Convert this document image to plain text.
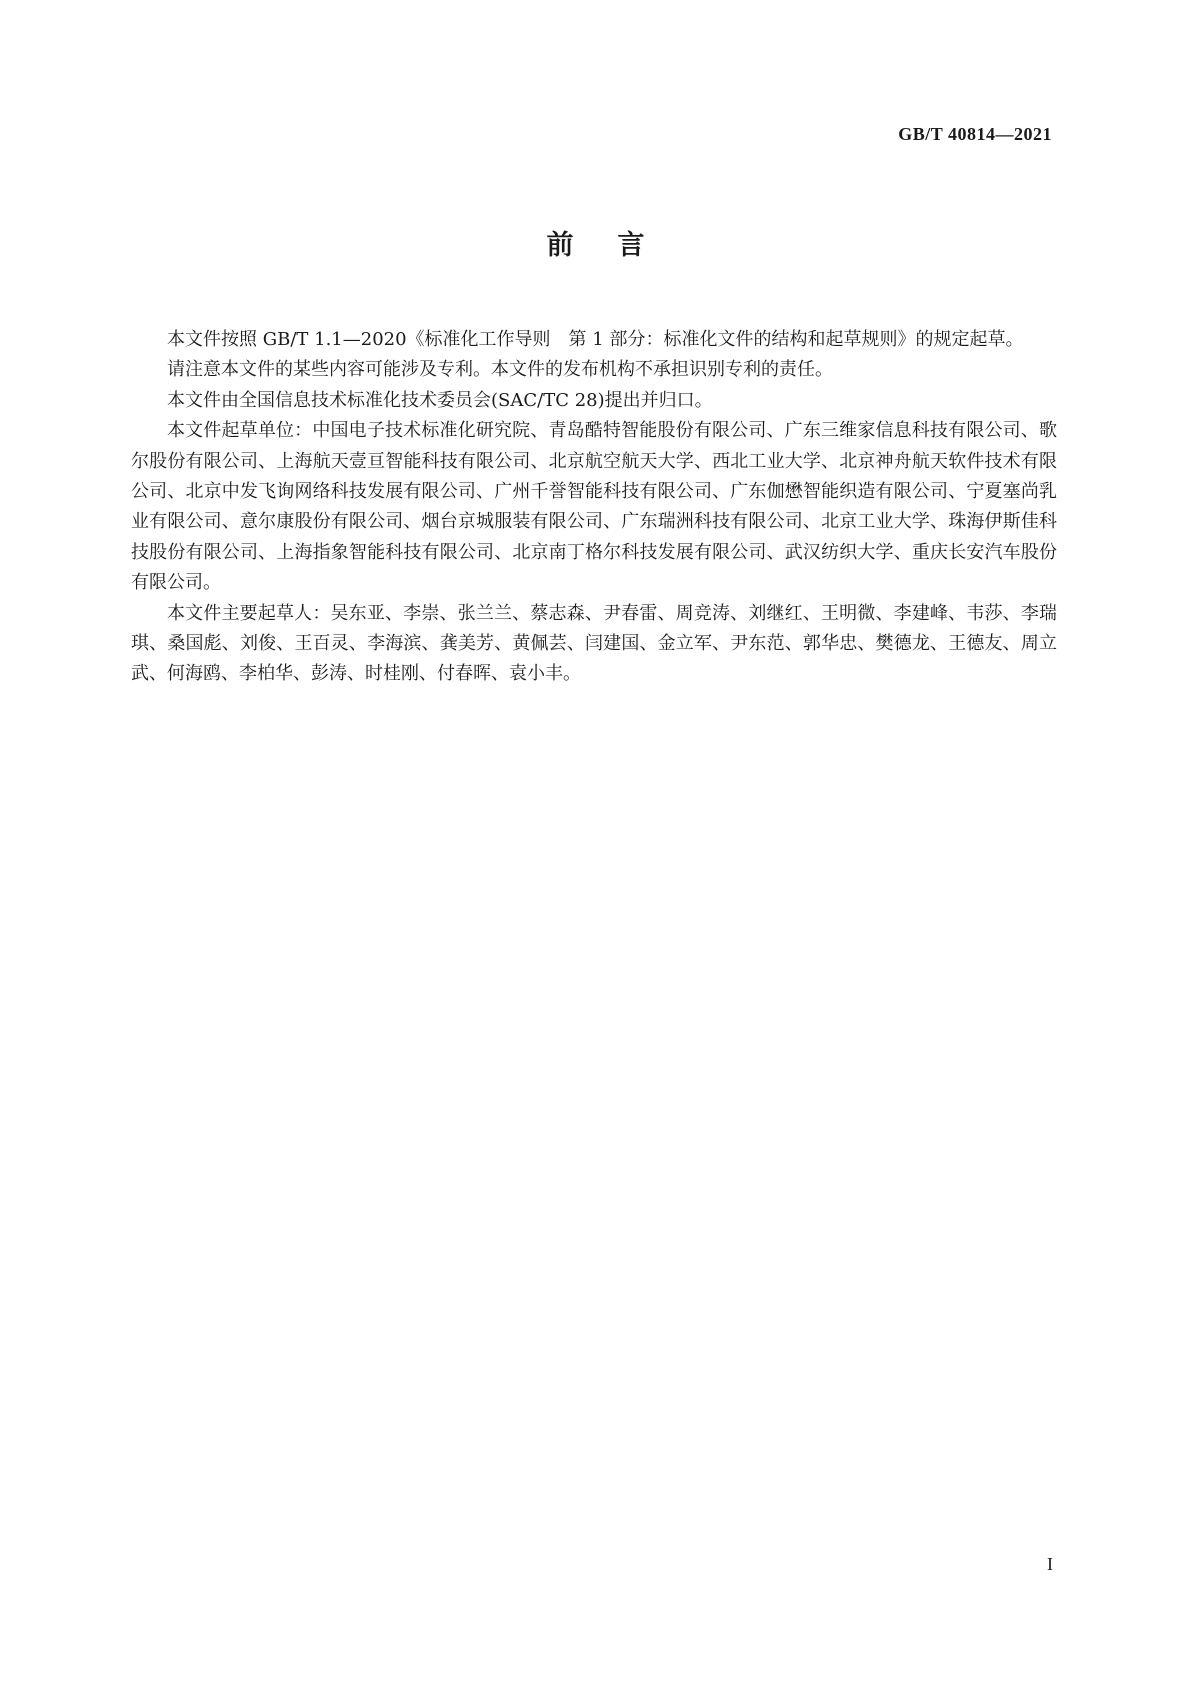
GB/T 40814—2021
前言

本文件按照 GB/T 1.1—2020《标准化工作导则　第 1 部分：标准化文件的结构和起草规则》的规定起草。

请注意本文件的某些内容可能涉及专利。本文件的发布机构不承担识别专利的责任。

本文件由全国信息技术标准化技术委员会(SAC/TC 28)提出并归口。

本文件起草单位：中国电子技术标准化研究院、青岛酷特智能股份有限公司、广东三维家信息科技有限公司、歌尔股份有限公司、上海航天壹亘智能科技有限公司、北京航空航天大学、西北工业大学、北京神舟航天软件技术有限公司、北京中发飞询网络科技发展有限公司、广州千誉智能科技有限公司、广东伽懋智能织造有限公司、宁夏塞尚乳业有限公司、意尔康股份有限公司、烟台京城服装有限公司、广东瑞洲科技有限公司、北京工业大学、珠海伊斯佳科技股份有限公司、上海指象智能科技有限公司、北京南丁格尔科技发展有限公司、武汉纺织大学、重庆长安汽车股份有限公司。

本文件主要起草人：吴东亚、李崇、张兰兰、蔡志森、尹春雷、周竞涛、刘继红、王明微、李建峰、韦莎、李瑞琪、桑国彪、刘俊、王百灵、李海滨、龚美芳、黄佩芸、闫建国、金立军、尹东范、郭华忠、樊德龙、王德友、周立武、何海鸥、李柏华、彭涛、时桂刚、付春晖、袁小丰。

I
